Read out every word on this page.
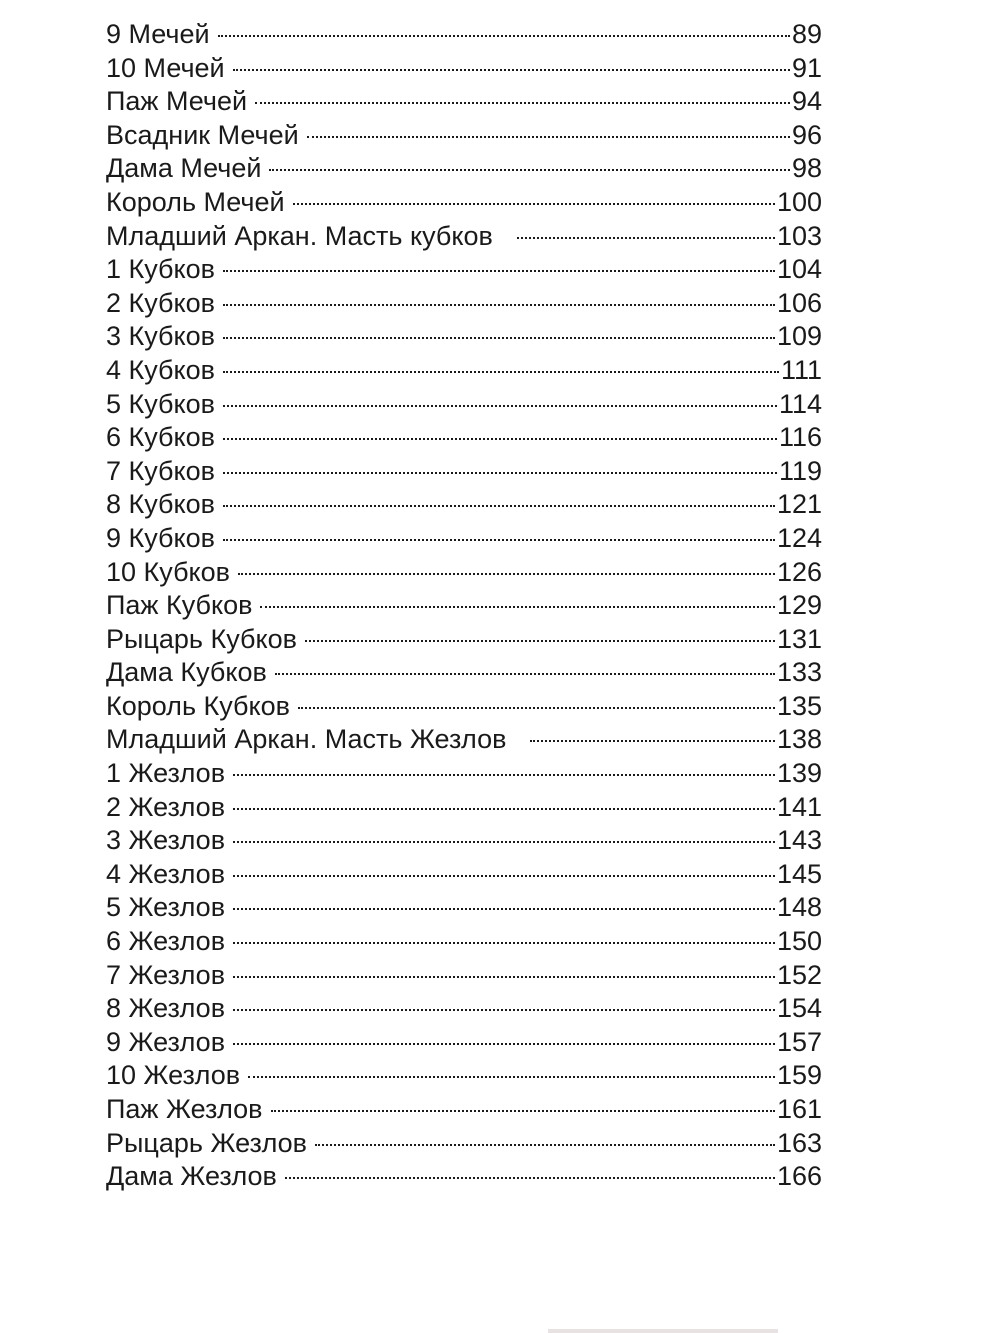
9 Мечей	89
10 Мечей	91
Паж Мечей	94
Всадник Мечей	96
Дама Мечей	98
Король Мечей	100
Младший Аркан. Масть кубков	103
1 Кубков	104
2 Кубков	106
3 Кубков	109
4 Кубков	111
5 Кубков	114
6 Кубков	116
7 Кубков	119
8 Кубков	121
9 Кубков	124
10 Кубков	126
Паж Кубков	129
Рыцарь Кубков	131
Дама Кубков	133
Король Кубков	135
Младший Аркан. Масть Жезлов	138
1 Жезлов	139
2 Жезлов	141
3 Жезлов	143
4 Жезлов	145
5 Жезлов	148
6 Жезлов	150
7 Жезлов	152
8 Жезлов	154
9 Жезлов	157
10 Жезлов	159
Паж Жезлов	161
Рыцарь Жезлов	163
Дама Жезлов	166
